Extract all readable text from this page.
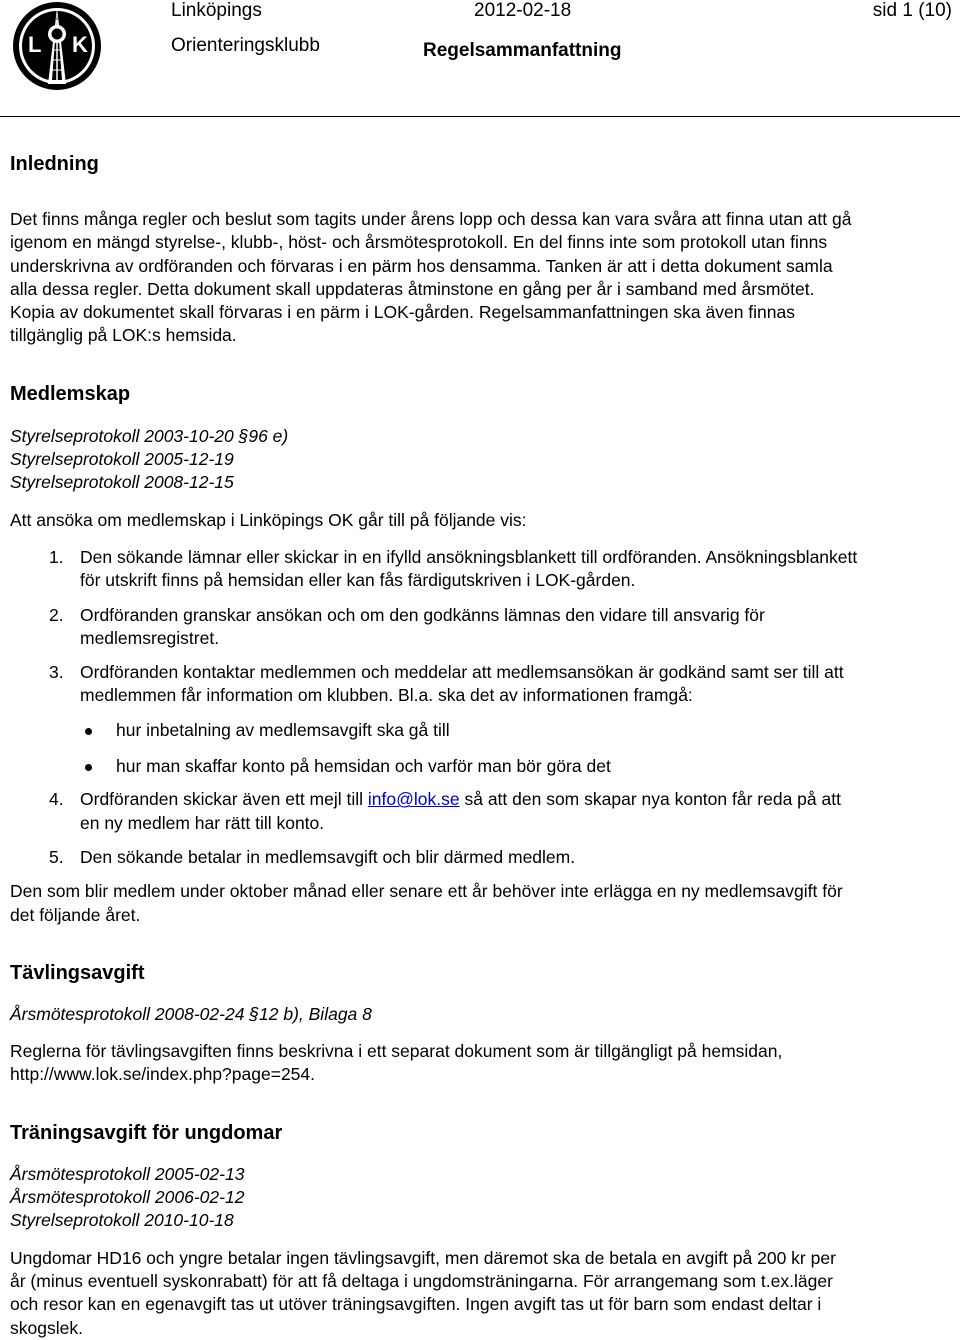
L K
Linköpings
Orienteringsklubb
2012-02-18
Regelsammanfattning
sid 1 (10)
Inledning

Det finns många regler och beslut som tagits under årens lopp och dessa kan vara svåra att finna utan att gå

igenom en mängd styrelse-, klubb-, höst- och årsmötesprotokoll. En del finns inte som protokoll utan finns

underskrivna av ordföranden och förvaras i en pärm hos densamma. Tanken är att i detta dokument samla

alla dessa regler. Detta dokument skall uppdateras åtminstone en gång per år i samband med årsmötet.

Kopia av dokumentet skall förvaras i en pärm i LOK-gården. Regelsammanfattningen ska även finnas

tillgänglig på LOK:s hemsida.

Medlemskap

Styrelseprotokoll 2003-10-20 §96 e)

Styrelseprotokoll 2005-12-19

Styrelseprotokoll 2008-12-15

Att ansöka om medlemskap i Linköpings OK går till på följande vis:

1. Den sökande lämnar eller skickar in en ifylld ansökningsblankett till ordföranden. Ansökningsblankett
för utskrift finns på hemsidan eller kan fås färdigutskriven i LOK-gården.
2. Ordföranden granskar ansökan och om den godkänns lämnas den vidare till ansvarig för
medlemsregistret.
3. Ordföranden kontaktar medlemmen och meddelar att medlemsansökan är godkänd samt ser till att
medlemmen får information om klubben. Bl.a. ska det av informationen framgå:
hur inbetalning av medlemsavgift ska gå till
hur man skaffar konto på hemsidan och varför man bör göra det
4. Ordföranden skickar även ett mejl till info@lok.se så att den som skapar nya konton får reda på att
en ny medlem har rätt till konto.
5. Den sökande betalar in medlemsavgift och blir därmed medlem.

Den som blir medlem under oktober månad eller senare ett år behöver inte erlägga en ny medlemsavgift för

det följande året.

Tävlingsavgift

Årsmötesprotokoll 2008-02-24 §12 b), Bilaga 8

Reglerna för tävlingsavgiften finns beskrivna i ett separat dokument som är tillgängligt på hemsidan,

http://www.lok.se/index.php?page=254.

Träningsavgift för ungdomar

Årsmötesprotokoll 2005-02-13

Årsmötesprotokoll 2006-02-12

Styrelseprotokoll 2010-10-18

Ungdomar HD16 och yngre betalar ingen tävlingsavgift, men däremot ska de betala en avgift på 200 kr per

år (minus eventuell syskonrabatt) för att få deltaga i ungdomsträningarna. För arrangemang som t.ex.läger

och resor kan en egenavgift tas ut utöver träningsavgiften. Ingen avgift tas ut för barn som endast deltar i

skogslek.
